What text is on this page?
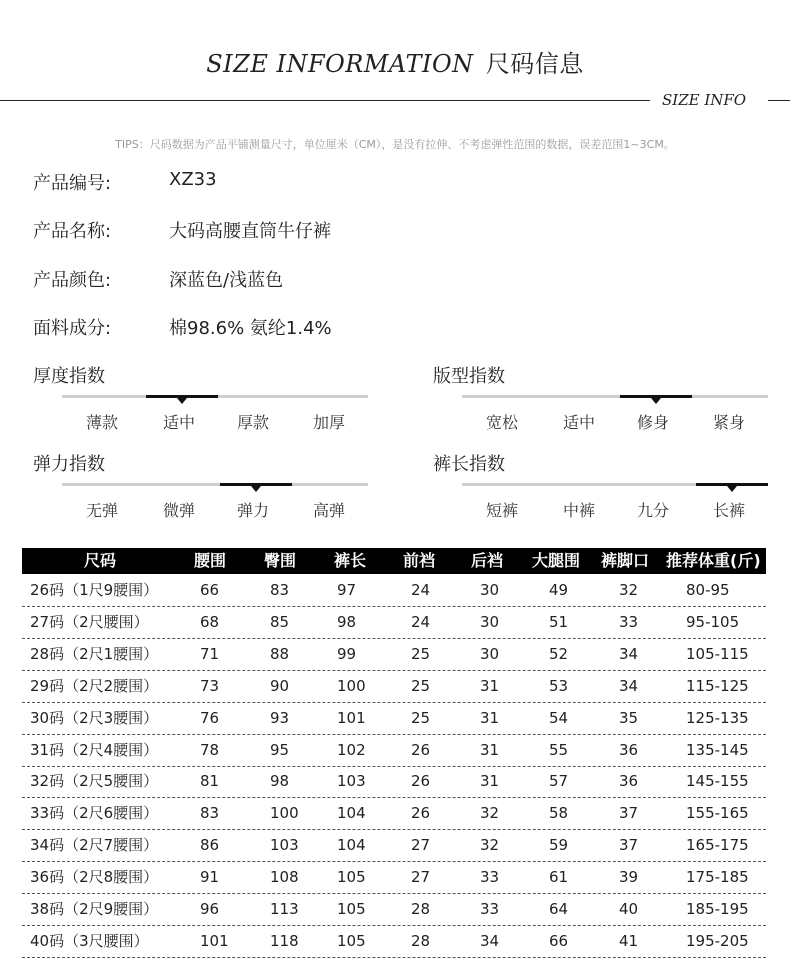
SIZE INFORMATION 尺码信息
SIZE INFO
TIPS：尺码数据为产品平铺测量尺寸，单位厘米（CM），是没有拉伸、不考虑弹性范围的数据，误差范围1~3CM。
产品编号:	XZ33
产品名称:	大码高腰直筒牛仔裤
产品颜色:	深蓝色/浅蓝色
面料成分:	棉98.6% 氨纶1.4%
厚度指数
薄款	适中	厚款	加厚
版型指数
宽松	适中	修身	紧身
弹力指数
无弹	微弹	弹力	高弹
裤长指数
短裤	中裤	九分	长裤
尺码	腰围 臀围 裤长 前裆 后裆 大腿围 裤脚口 推荐体重(斤)
26码（1尺9腰围）	66	83	97	24	30	49	32	80-95
27码（2尺腰围）	68	85	98	24	30	51	33	95-105
28码（2尺1腰围）	71	88	99	25	30	52	34	105-115
29码（2尺2腰围）	73	90	100	25	31	53	34	115-125
30码（2尺3腰围）	76	93	101	25	31	54	35	125-135
31码（2尺4腰围）	78	95	102	26	31	55	36	135-145
32码（2尺5腰围）	81	98	103	26	31	57	36	145-155
33码（2尺6腰围）	83	100	104	26	32	58	37	155-165
34码（2尺7腰围）	86	103	104	27	32	59	37	165-175
36码（2尺8腰围）	91	108	105	27	33	61	39	175-185
38码（2尺9腰围）	96	113	105	28	33	64	40	185-195
40码（3尺腰围）	101	118	105	28	34	66	41	195-205
